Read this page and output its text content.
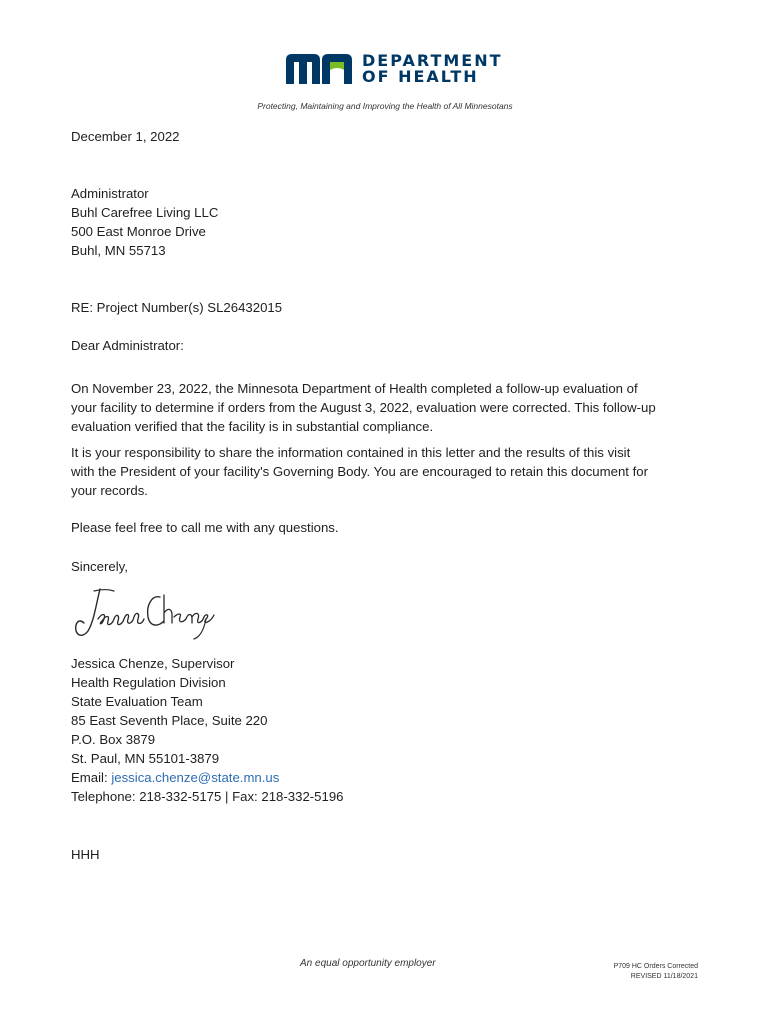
DEPARTMENT
OF HEALTH
Protecting, Maintaining and Improving the Health of All Minnesotans
December 1, 2022
Administrator
Buhl Carefree Living LLC
500 East Monroe Drive
Buhl, MN 55713
RE: Project Number(s) SL26432015
Dear Administrator:
On November 23, 2022, the Minnesota Department of Health completed a follow-up evaluation of
your facility to determine if orders from the August 3, 2022, evaluation were corrected. This follow-up
evaluation verified that the facility is in substantial compliance.
It is your responsibility to share the information contained in this letter and the results of this visit
with the President of your facility's Governing Body. You are encouraged to retain this document for
your records.
Please feel free to call me with any questions.
Sincerely,
Jessica Chenze, Supervisor
Health Regulation Division
State Evaluation Team
85 East Seventh Place, Suite 220
P.O. Box 3879
St. Paul, MN 55101-3879
Email: jessica.chenze@state.mn.us
Telephone: 218-332-5175 | Fax: 218-332-5196
HHH
An equal opportunity employer	P709 HC Orders Corrected
REVISED 11/18/2021
